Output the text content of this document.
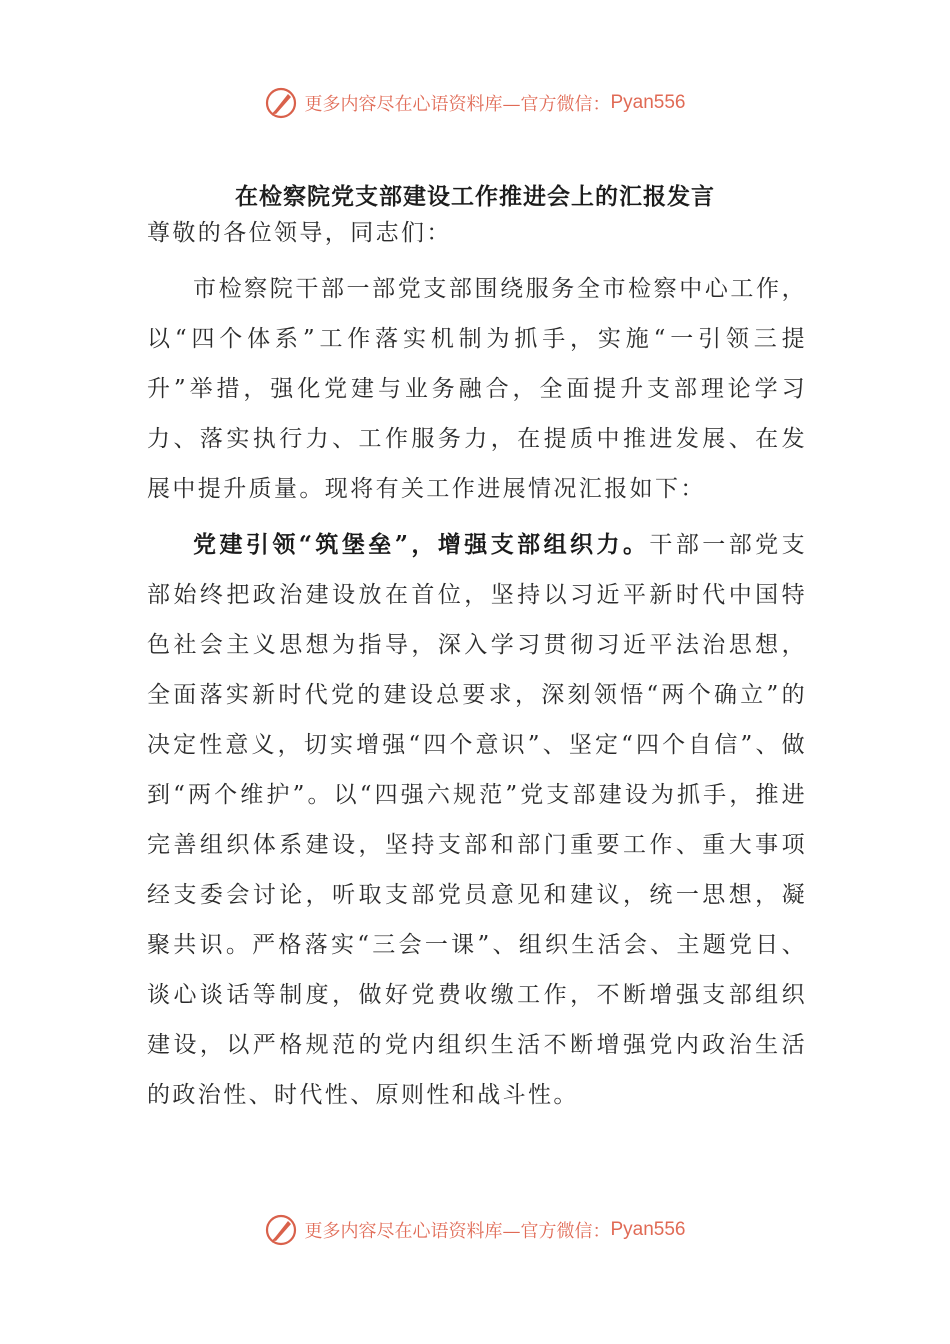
更多内容尽在心语资料库—官方微信： Pyan556
在检察院党支部建设工作推进会上的汇报发言

尊敬的各位领导，同志们：

市检察院干部一部党支部围绕服务全市检察中心工作，以“四个体系”工作落实机制为抓手，实施“一引领三提升”举措，强化党建与业务融合，全面提升支部理论学习力、落实执行力、工作服务力，在提质中推进发展、在发展中提升质量。现将有关工作进展情况汇报如下：

党建引领“筑堡垒”，增强支部组织力。干部一部党支部始终把政治建设放在首位，坚持以习近平新时代中国特色社会主义思想为指导，深入学习贯彻习近平法治思想，全面落实新时代党的建设总要求，深刻领悟“两个确立”的决定性意义，切实增强“四个意识”、坚定“四个自信”、做到“两个维护”。以“四强六规范”党支部建设为抓手，推进完善组织体系建设，坚持支部和部门重要工作、重大事项经支委会讨论，听取支部党员意见和建议，统一思想，凝聚共识。严格落实“三会一课”、组织生活会、主题党日、谈心谈话等制度，做好党费收缴工作，不断增强支部组织建设，以严格规范的党内组织生活不断增强党内政治生活的政治性、时代性、原则性和战斗性。

更多内容尽在心语资料库—官方微信： Pyan556
